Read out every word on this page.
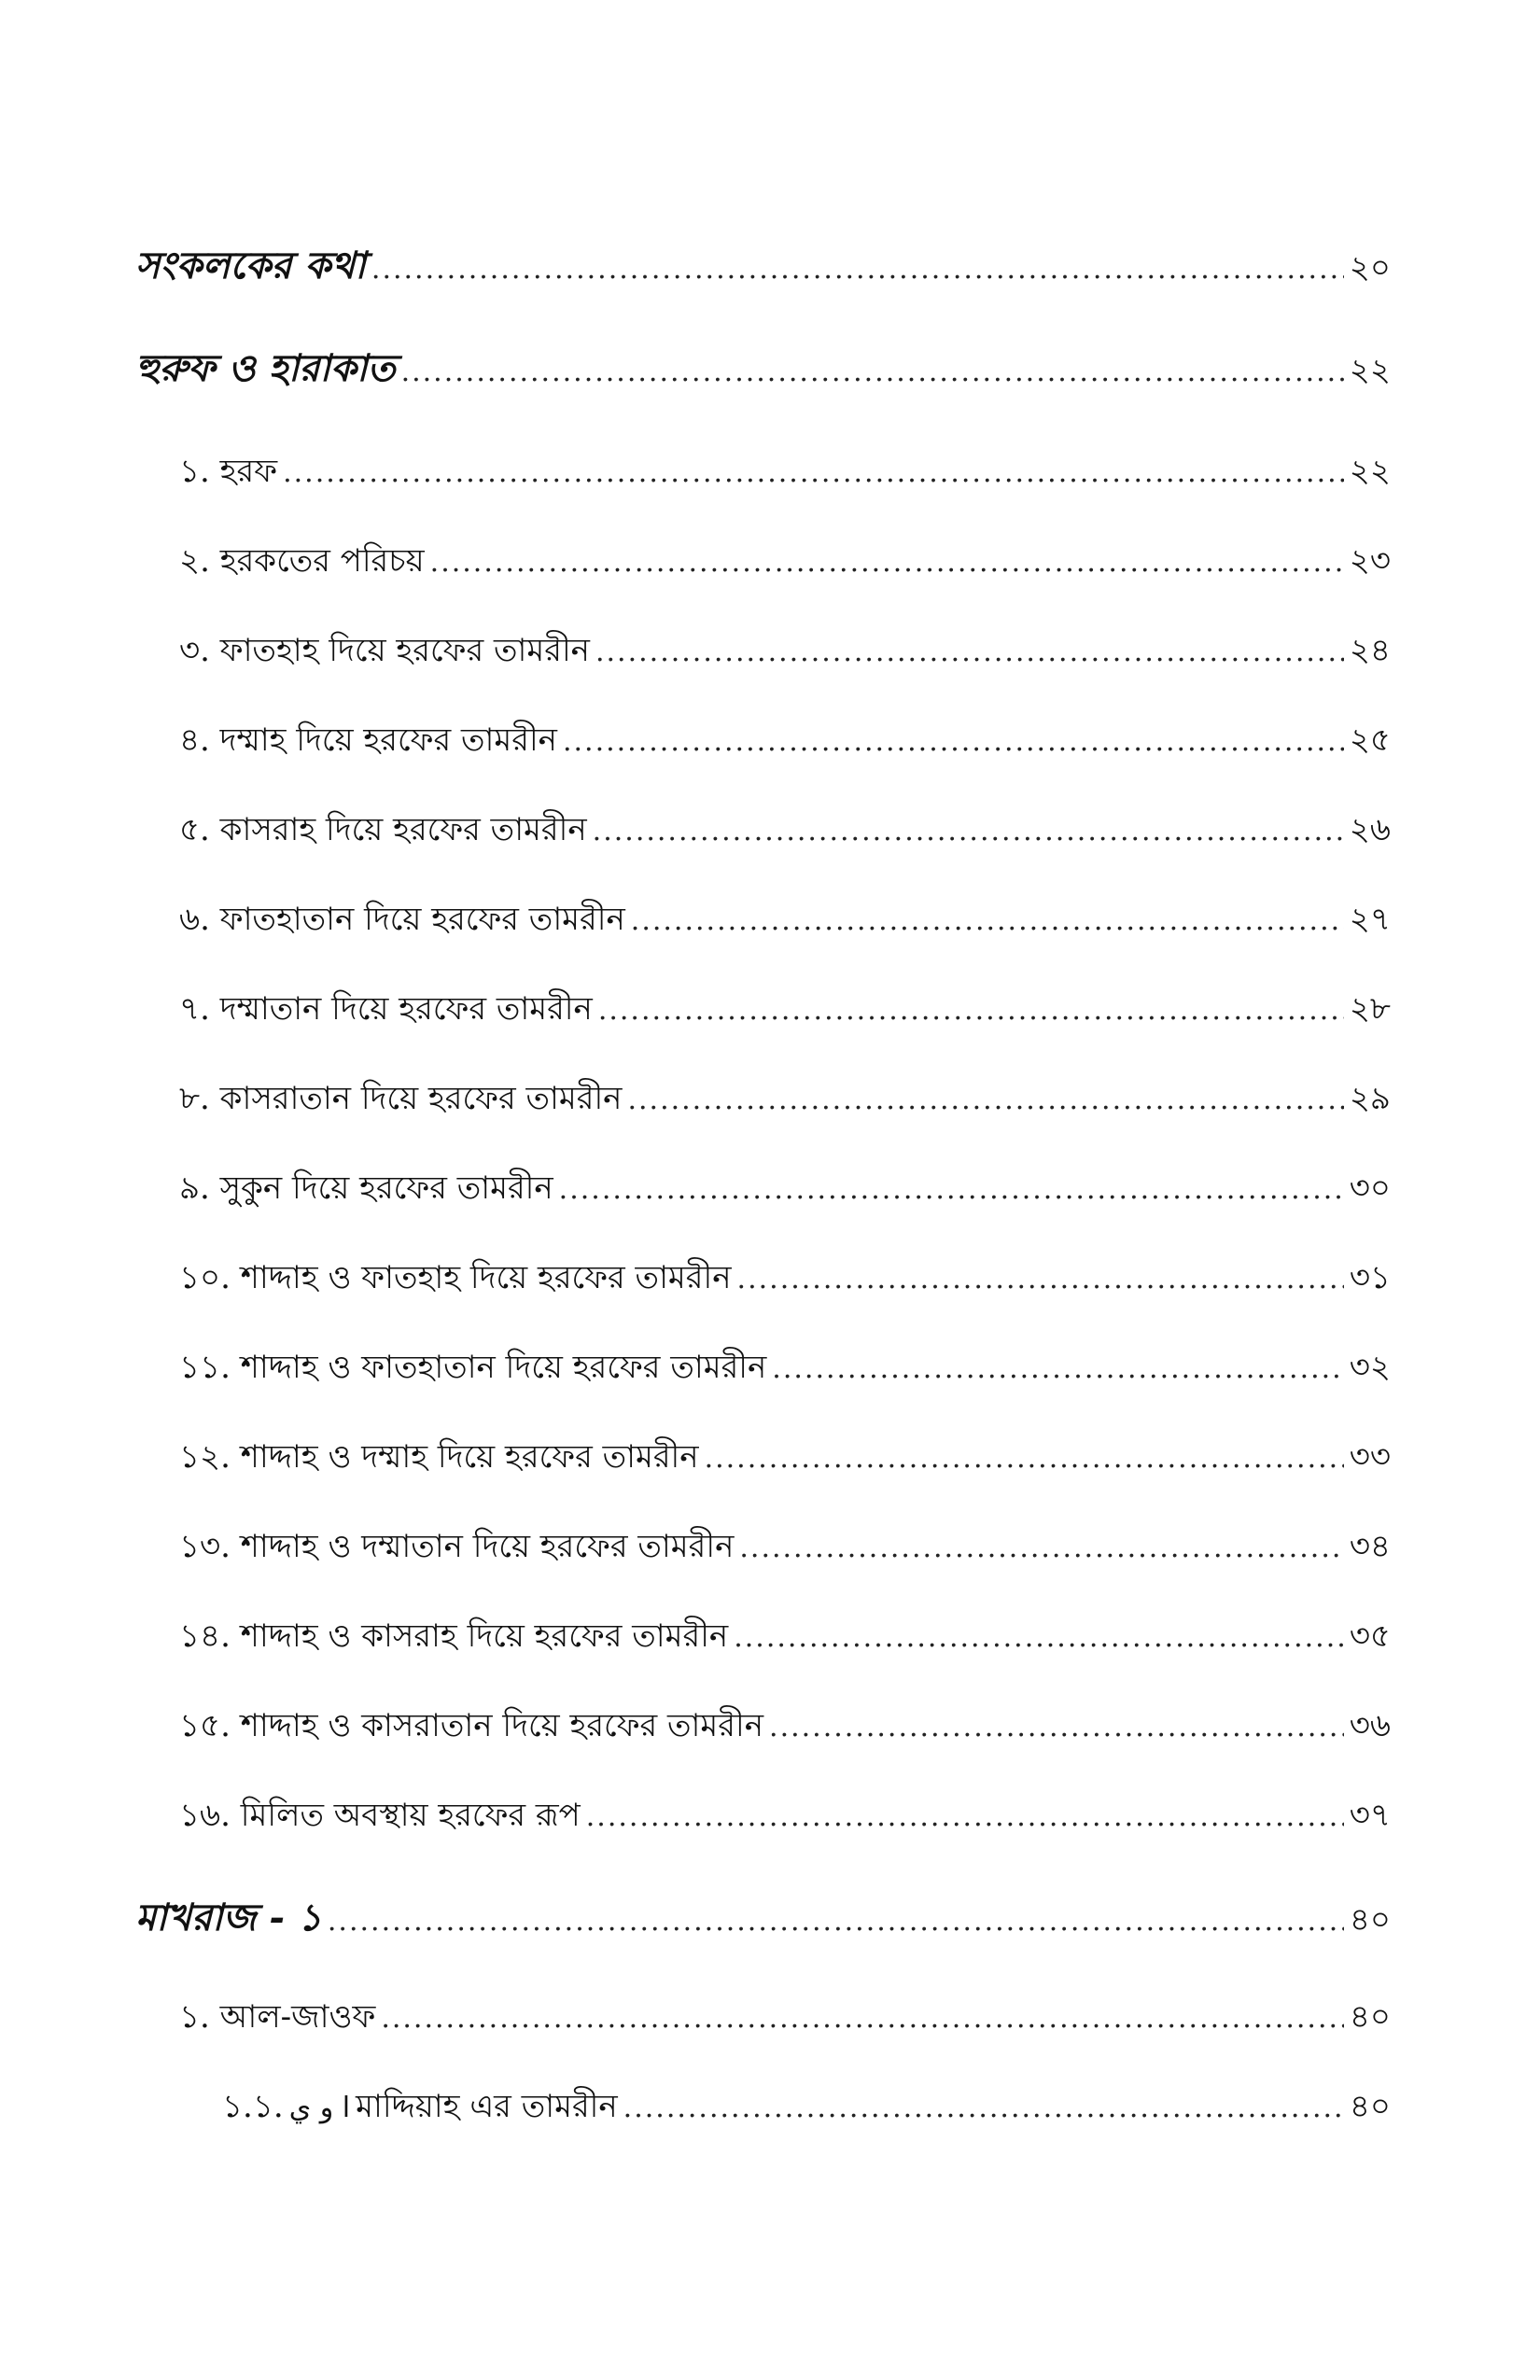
সংকলকের কথা .....	২০
হুরুফ ও হারাকাত .....	২২
১. হরফ .....	২২
২. হরকতের পরিচয় .....	২৩
৩. ফাতহাহ দিয়ে হরফের তামরীন .....	২৪
৪. দম্মাহ দিয়ে হরফের তামরীন .....	২৫
৫. কাসরাহ দিয়ে হরফের তামরীন .....	২৬
৬. ফাতহাতান দিয়ে হরফের তামরীন .....	২৭
৭. দম্মাতান দিয়ে হরফের তামরীন .....	২৮
৮. কাসরাতান দিয়ে হরফের তামরীন .....	২৯
৯. সুকুন দিয়ে হরফের তামরীন .....	৩০
১০. শাদ্দাহ ও ফাতহাহ দিয়ে হরফের তামরীন .....	৩১
১১. শাদ্দাহ ও ফাতহাতান দিয়ে হরফের তামরীন .....	৩২
১২. শাদ্দাহ ও দম্মাহ দিয়ে হরফের তামরীন .....	৩৩
১৩. শাদ্দাহ ও দম্মাতান দিয়ে হরফের তামরীন .....	৩৪
১৪. শাদ্দাহ ও কাসরাহ দিয়ে হরফের তামরীন .....	৩৫
১৫. শাদ্দাহ ও কাসরাতান দিয়ে হরফের তামরীন .....	৩৬
১৬. মিলিত অবস্থায় হরফের রূপ .....	৩৭
মাখরাজ - ১ .....	৪০
১. আল-জাওফ .....	৪০
১.১. ا و ي মাদ্দিয়াহ এর তামরীন .....	৪০
